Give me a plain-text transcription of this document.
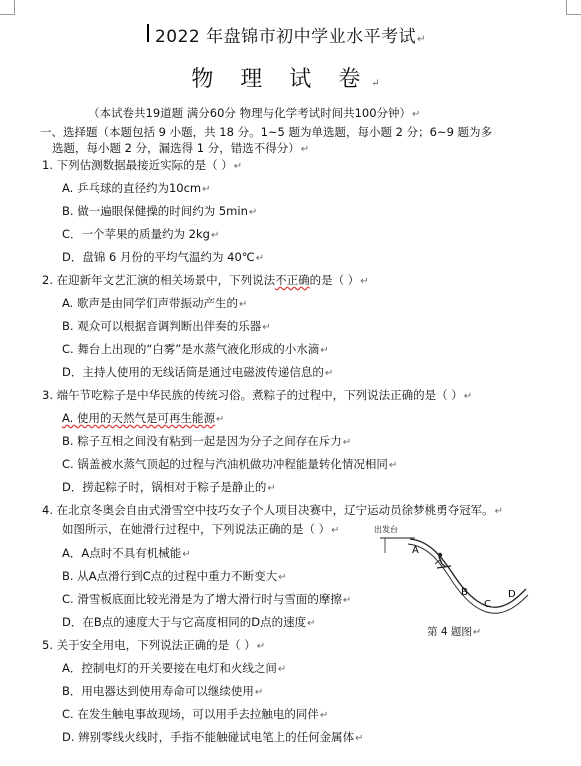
2022 年盘锦市初中学业水平考试↵
物 理 试 卷↵
（本试卷共19道题 满分60分 物理与化学考试时间共100分钟）↵
一、选择题（本题包括 9 小题，共 18 分。1~5 题为单选题，每小题 2 分；6~9 题为多
选题，每小题 2 分，漏选得 1 分，错选不得分）↵
1. 下列估测数据最接近实际的是（ ）↵
A. 乒乓球的直径约为10cm↵
B. 做一遍眼保健操的时间约为 5min↵
C．一个苹果的质量约为 2kg↵
D．盘锦 6 月份的平均气温约为 40℃↵
2. 在迎新年文艺汇演的相关场景中，下列说法不正确的是（ ）↵
A. 歌声是由同学们声带振动产生的↵
B. 观众可以根据音调判断出伴奏的乐器↵
C. 舞台上出现的“白雾”是水蒸气液化形成的小水滴↵
D．主持人使用的无线话筒是通过电磁波传递信息的↵
3. 端午节吃粽子是中华民族的传统习俗。煮粽子的过程中，下列说法正确的是（ ）↵
A. 使用的天然气是可再生能源↵
B. 粽子互相之间没有粘到一起是因为分子之间存在斥力↵
C. 锅盖被水蒸气顶起的过程与汽油机做功冲程能量转化情况相同↵
D．捞起粽子时，锅相对于粽子是静止的↵
4. 在北京冬奥会自由式滑雪空中技巧女子个人项目决赛中，辽宁运动员徐梦桃勇夺冠军。↵
如图所示，在她滑行过程中，下列说法正确的是（ ）↵
A．A点时不具有机械能↵
B. 从A点滑行到C点的过程中重力不断变大↵
C. 滑雪板底面比较光滑是为了增大滑行时与雪面的摩擦↵
D．在B点的速度大于与它高度相同的D点的速度↵
出发台
A
B
C
D
第 4 题图↵
5. 关于安全用电，下列说法正确的是（ ）↵
A．控制电灯的开关要接在电灯和火线之间↵
B．用电器达到使用寿命可以继续使用↵
C. 在发生触电事故现场，可以用手去拉触电的同伴↵
D. 辨别零线火线时，手指不能触碰试电笔上的任何金属体↵
